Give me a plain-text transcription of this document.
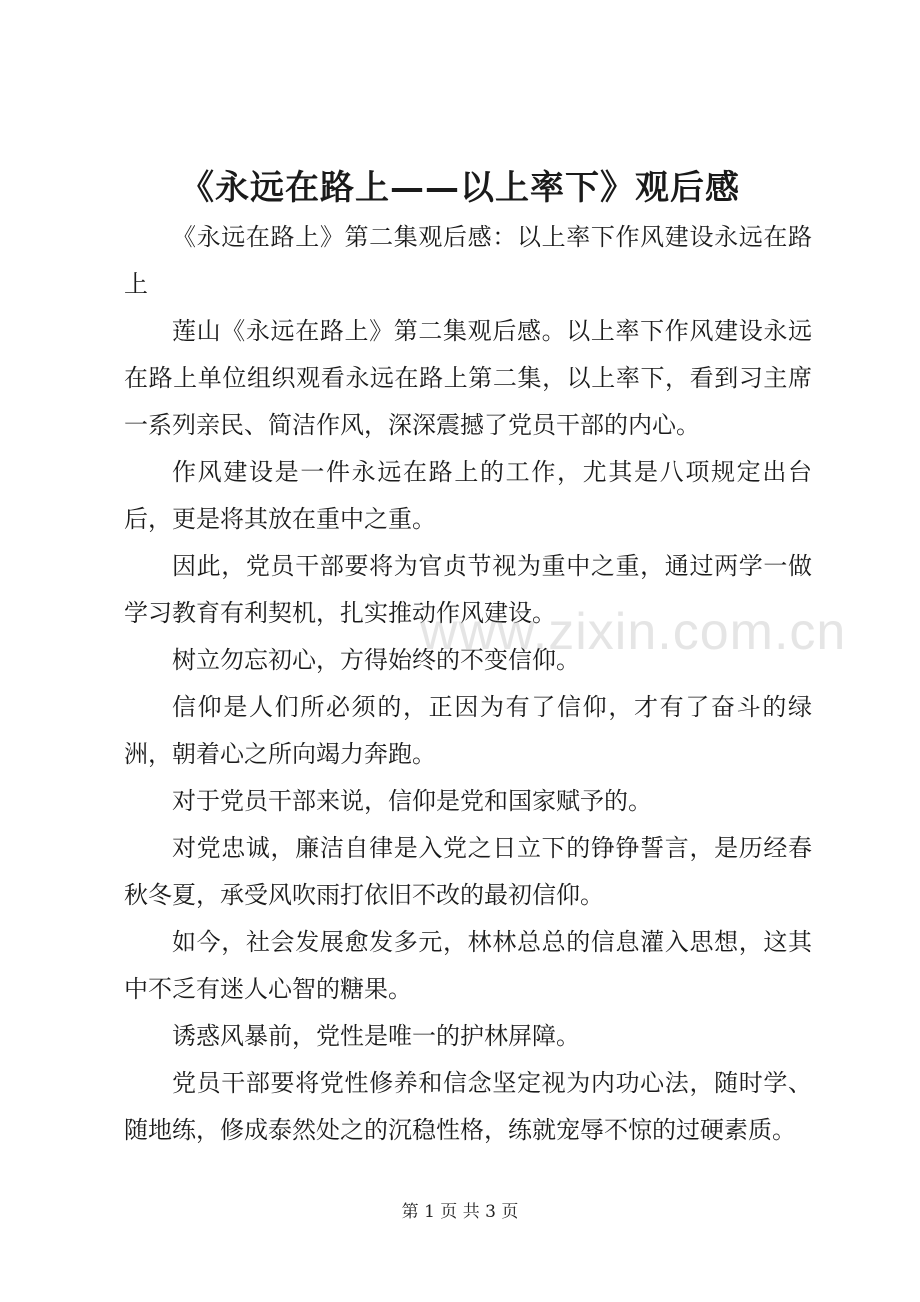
《永远在路上——以上率下》观后感

《永远在路上》第二集观后感：以上率下作风建设永远在路上

莲山《永远在路上》第二集观后感。以上率下作风建设永远在路上单位组织观看永远在路上第二集，以上率下，看到习主席一系列亲民、简洁作风，深深震撼了党员干部的内心。

作风建设是一件永远在路上的工作，尤其是八项规定出台后，更是将其放在重中之重。

因此，党员干部要将为官贞节视为重中之重，通过两学一做学习教育有利契机，扎实推动作风建设。

树立勿忘初心，方得始终的不变信仰。

信仰是人们所必须的，正因为有了信仰，才有了奋斗的绿洲，朝着心之所向竭力奔跑。

对于党员干部来说，信仰是党和国家赋予的。

对党忠诚，廉洁自律是入党之日立下的铮铮誓言，是历经春秋冬夏，承受风吹雨打依旧不改的最初信仰。

如今，社会发展愈发多元，林林总总的信息灌入思想，这其中不乏有迷人心智的糖果。

诱惑风暴前，党性是唯一的护林屏障。

党员干部要将党性修养和信念坚定视为内功心法，随时学、随地练，修成泰然处之的沉稳性格，练就宠辱不惊的过硬素质。

www.zixin.com.cn
第 1 页 共 3 页
